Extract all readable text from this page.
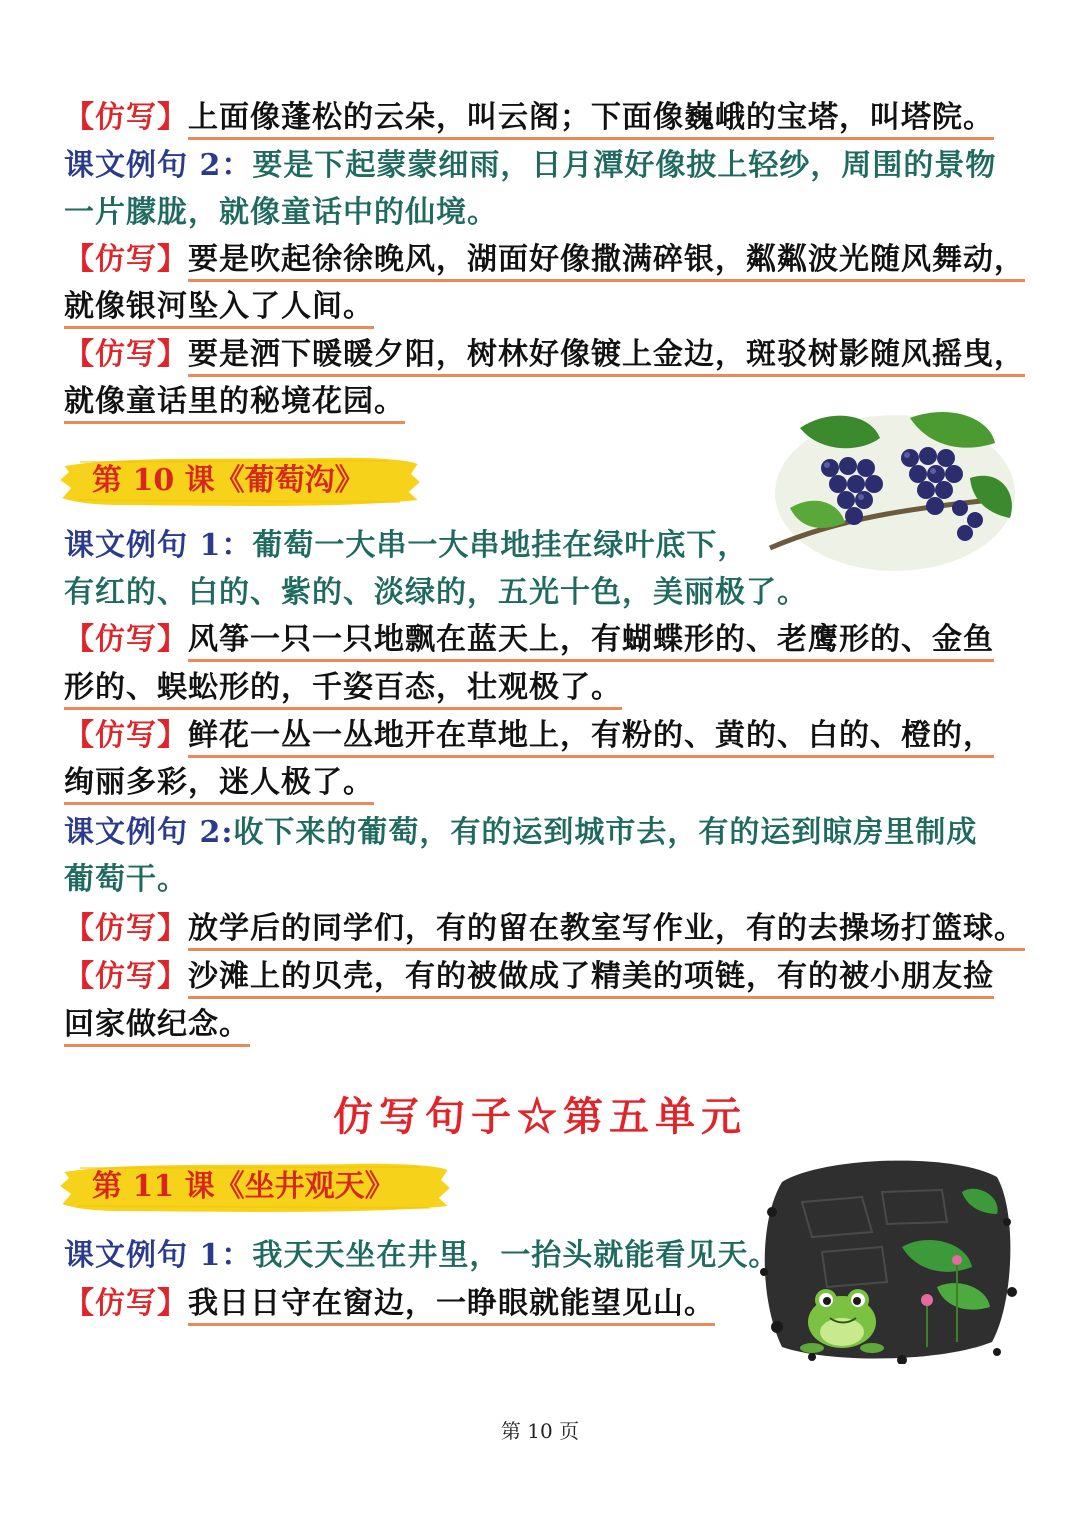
【仿写】上面像蓬松的云朵，叫云阁；下面像巍峨的宝塔，叫塔院。
课文例句 2：要是下起蒙蒙细雨，日月潭好像披上轻纱，周围的景物
一片朦胧，就像童话中的仙境。
【仿写】要是吹起徐徐晚风，湖面好像撒满碎银，粼粼波光随风舞动，
就像银河坠入了人间。
【仿写】要是洒下暖暖夕阳，树林好像镀上金边，斑驳树影随风摇曳，
就像童话里的秘境花园。
第 10 课《葡萄沟》
课文例句 1：葡萄一大串一大串地挂在绿叶底下，
有红的、白的、紫的、淡绿的，五光十色，美丽极了。
【仿写】风筝一只一只地飘在蓝天上，有蝴蝶形的、老鹰形的、金鱼
形的、蜈蚣形的，千姿百态，壮观极了。
【仿写】鲜花一丛一丛地开在草地上，有粉的、黄的、白的、橙的，
绚丽多彩，迷人极了。
课文例句 2:收下来的葡萄，有的运到城市去，有的运到晾房里制成
葡萄干。
【仿写】放学后的同学们，有的留在教室写作业，有的去操场打篮球。
【仿写】沙滩上的贝壳，有的被做成了精美的项链，有的被小朋友捡
回家做纪念。
仿写句子☆第五单元
第 11 课《坐井观天》
课文例句 1：我天天坐在井里，一抬头就能看见天。
【仿写】我日日守在窗边，一睁眼就能望见山。
第 10 页
